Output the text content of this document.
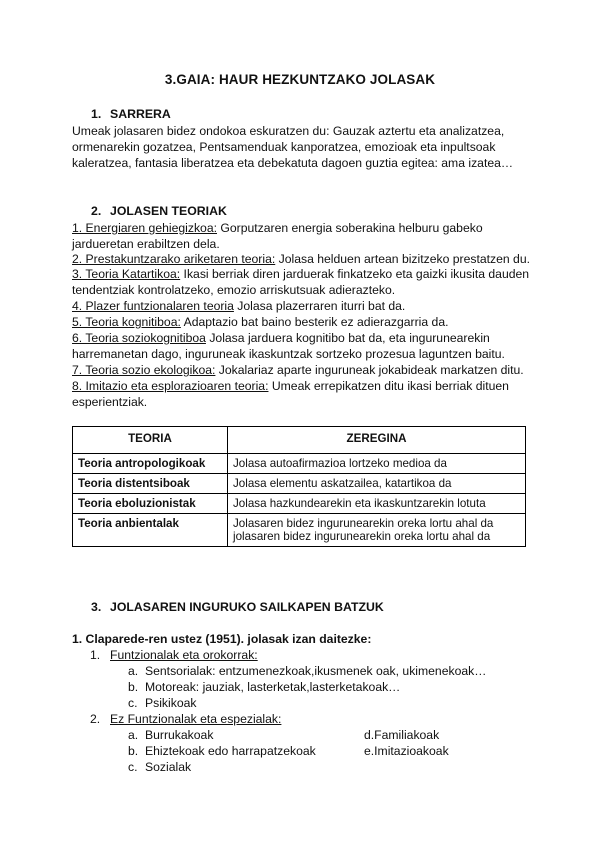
3.GAIA: HAUR HEZKUNTZAKO JOLASAK
1. SARRERA
Umeak jolasaren bidez ondokoa eskuratzen du: Gauzak aztertu eta analizatzea, ormenarekin gozatzea, Pentsamenduak kanporatzea, emozioak eta inpultsoak kaleratzea, fantasia liberatzea eta debekatuta dagoen guztia egitea: ama izatea…
2. JOLASEN TEORIAK
1. Energiaren gehiegizkoa: Gorputzaren energia soberakina helburu gabeko
jardueretan erabiltzen dela.
2. Prestakuntzarako ariketaren teoria: Jolasa helduen artean bizitzeko prestatzen du.
3. Teoria Katartikoa: Ikasi berriak diren jarduerak finkatzeko eta gaizki ikusita dauden
tendentziak kontrolatzeko, emozio arriskutsuak adierazteko.
4. Plazer funtzionalaren teoria Jolasa plazerraren iturri bat da.
5. Teoria kognitiboa: Adaptazio bat baino besterik ez adierazgarria da.
6. Teoria soziokognitiboa Jolasa jarduera kognitibo bat da, eta ingurunearekin
harremanetan dago, inguruneak ikaskuntzak sortzeko prozesua laguntzen baitu.
7. Teoria sozio ekologikoa: Jokalariaz aparte inguruneak jokabideak markatzen ditu.
8. Imitazio eta esplorazioaren teoria: Umeak errepikatzen ditu ikasi berriak dituen
esperientziak.
TEORIA	ZEREGINA
Teoria antropologikoak	Jolasa autoafirmazioa lortzeko medioa da
Teoria distentsiboak	Jolasa elementu askatzailea, katartikoa da
Teoria eboluzionistak	Jolasa hazkundearekin eta ikaskuntzarekin lotuta
Teoria anbientalak	Jolasaren bidez ingurunearekin oreka lortu ahal da
jolasaren bidez ingurunearekin oreka lortu ahal da
3. JOLASAREN INGURUKO SAILKAPEN BATZUK
1. Claparede-ren ustez (1951). jolasak izan daitezke:
1. Funtzionalak eta orokorrak:
a. Sentsorialak: entzumenezkoak,ikusmenek oak, ukimenekoak…
b. Motoreak: jauziak, lasterketak,lasterketakoak…
c. Psikikoak
2. Ez Funtzionalak eta espezialak:
a. Burrukakoak
b. Ehiztekoak edo harrapatzekoak
c. Sozialak
d.Familiakoak
e.Imitazioakoak
